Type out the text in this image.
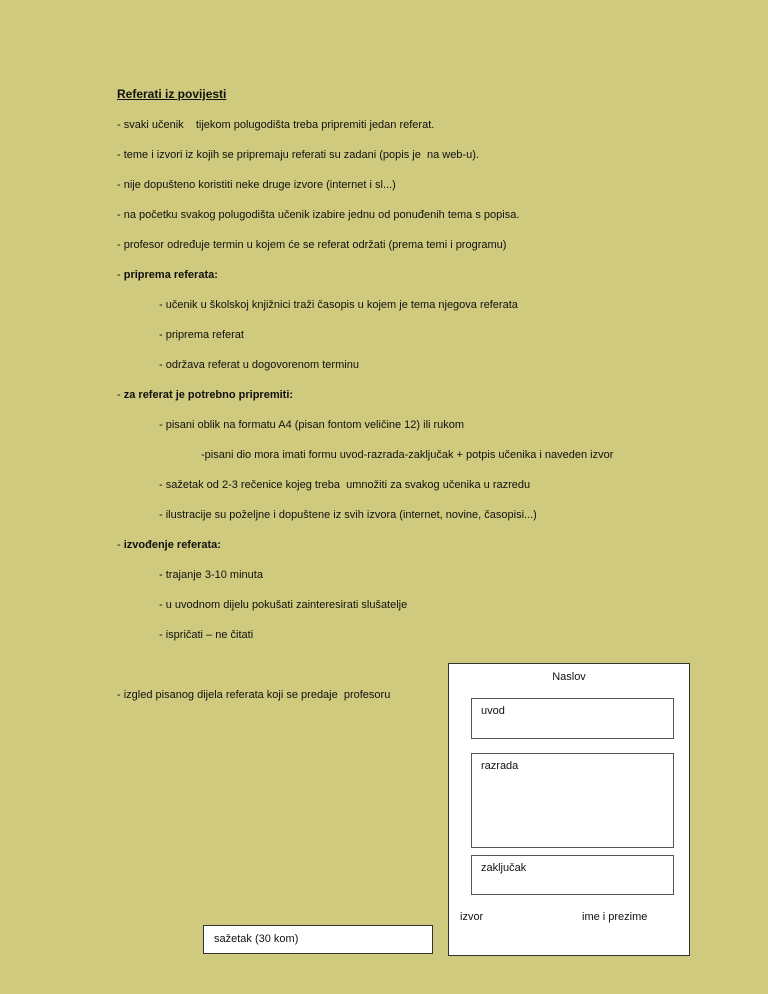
Referati iz povijesti
- svaki učenik    tijekom polugodišta treba pripremiti jedan referat.
- teme i izvori iz kojih se pripremaju referati su zadani (popis je  na web-u).
- nije dopušteno koristiti neke druge izvore (internet i sl...)
- na početku svakog polugodišta učenik izabire jednu od ponuđenih tema s popisa.
- profesor određuje termin u kojem će se referat održati (prema temi i programu)
- priprema referata:
- učenik u školskoj knjižnici traži časopis u kojem je tema njegova referata
- priprema referat
- održava referat u dogovorenom terminu
- za referat je potrebno pripremiti:
- pisani oblik na formatu A4 (pisan fontom veličine 12) ili rukom
-pisani dio mora imati formu uvod-razrada-zaključak + potpis učenika i naveden izvor
- sažetak od 2-3 rečenice kojeg treba  umnožiti za svakog učenika u razredu
- ilustracije su poželjne i dopuštene iz svih izvora (internet, novine, časopisi...)
- izvođenje referata:
- trajanje 3-10 minuta
- u uvodnom dijelu pokušati zainteresirati slušatelje
- ispričati – ne čitati
- izgled pisanog dijela referata koji se predaje  profesoru
Naslov
uvod
razrada
zaključak
izvor	ime i prezime
sažetak (30 kom)
